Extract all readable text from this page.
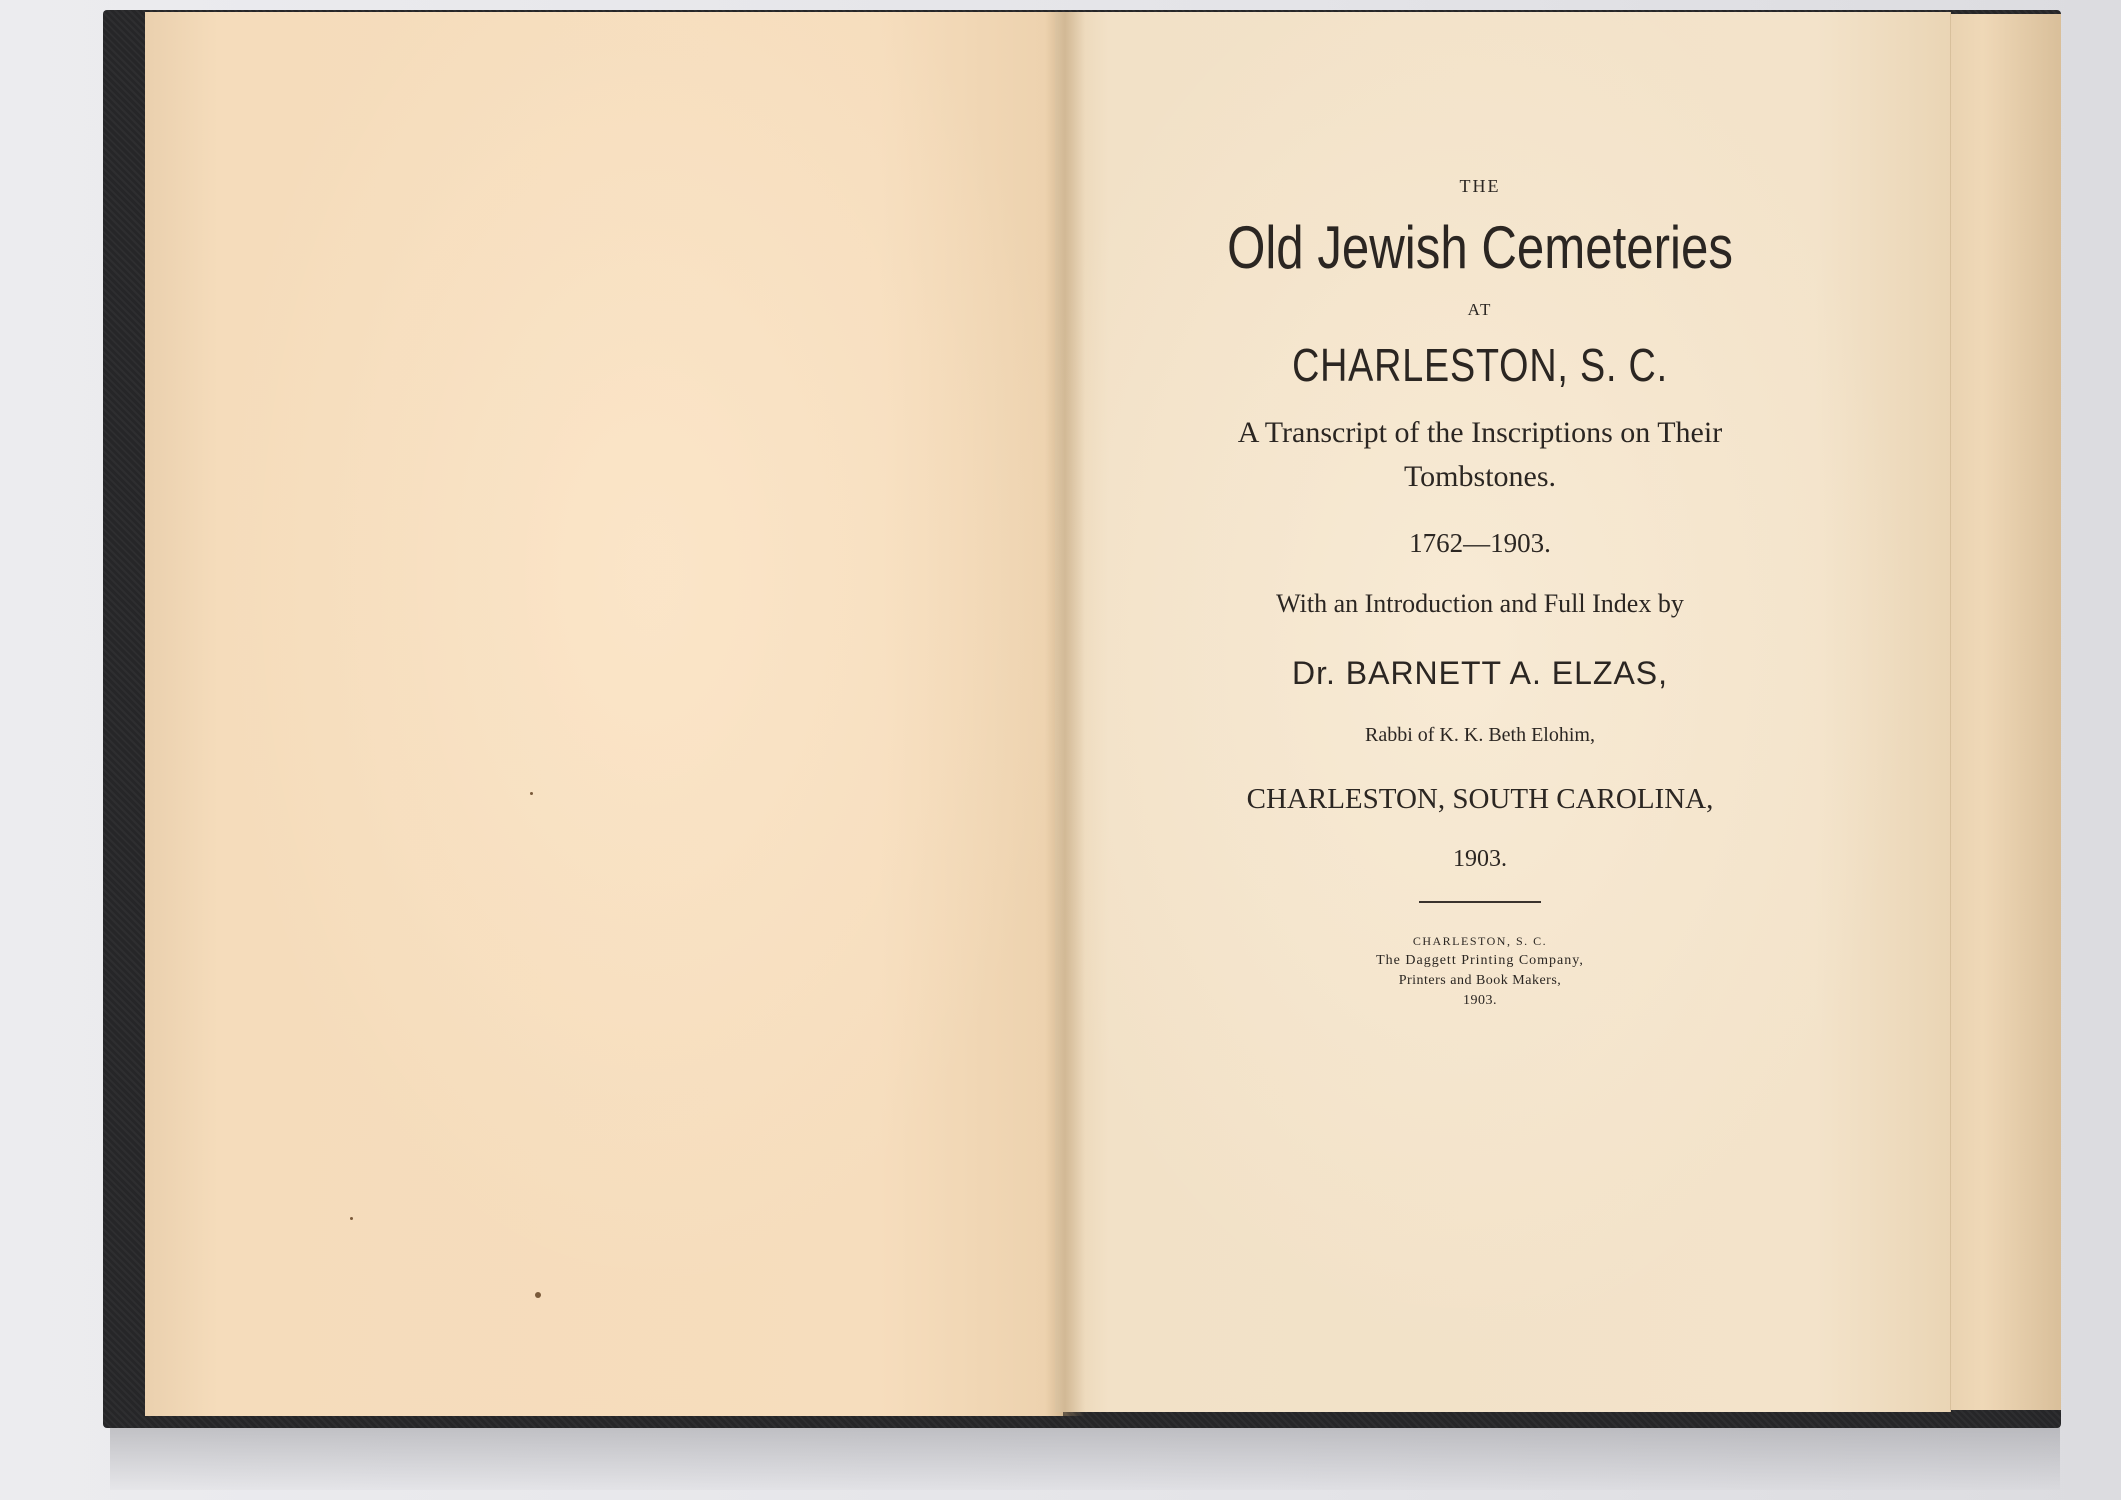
THE
Old Jewish Cemeteries
AT
CHARLESTON, S. C.
A Transcript of the Inscriptions on Their
Tombstones.
1762—1903.
With an Introduction and Full Index by
Dr. BARNETT A. ELZAS,
Rabbi of K. K. Beth Elohim,
CHARLESTON, SOUTH CAROLINA,
1903.
CHARLESTON, S. C.
The Daggett Printing Company,
Printers and Book Makers,
1903.
